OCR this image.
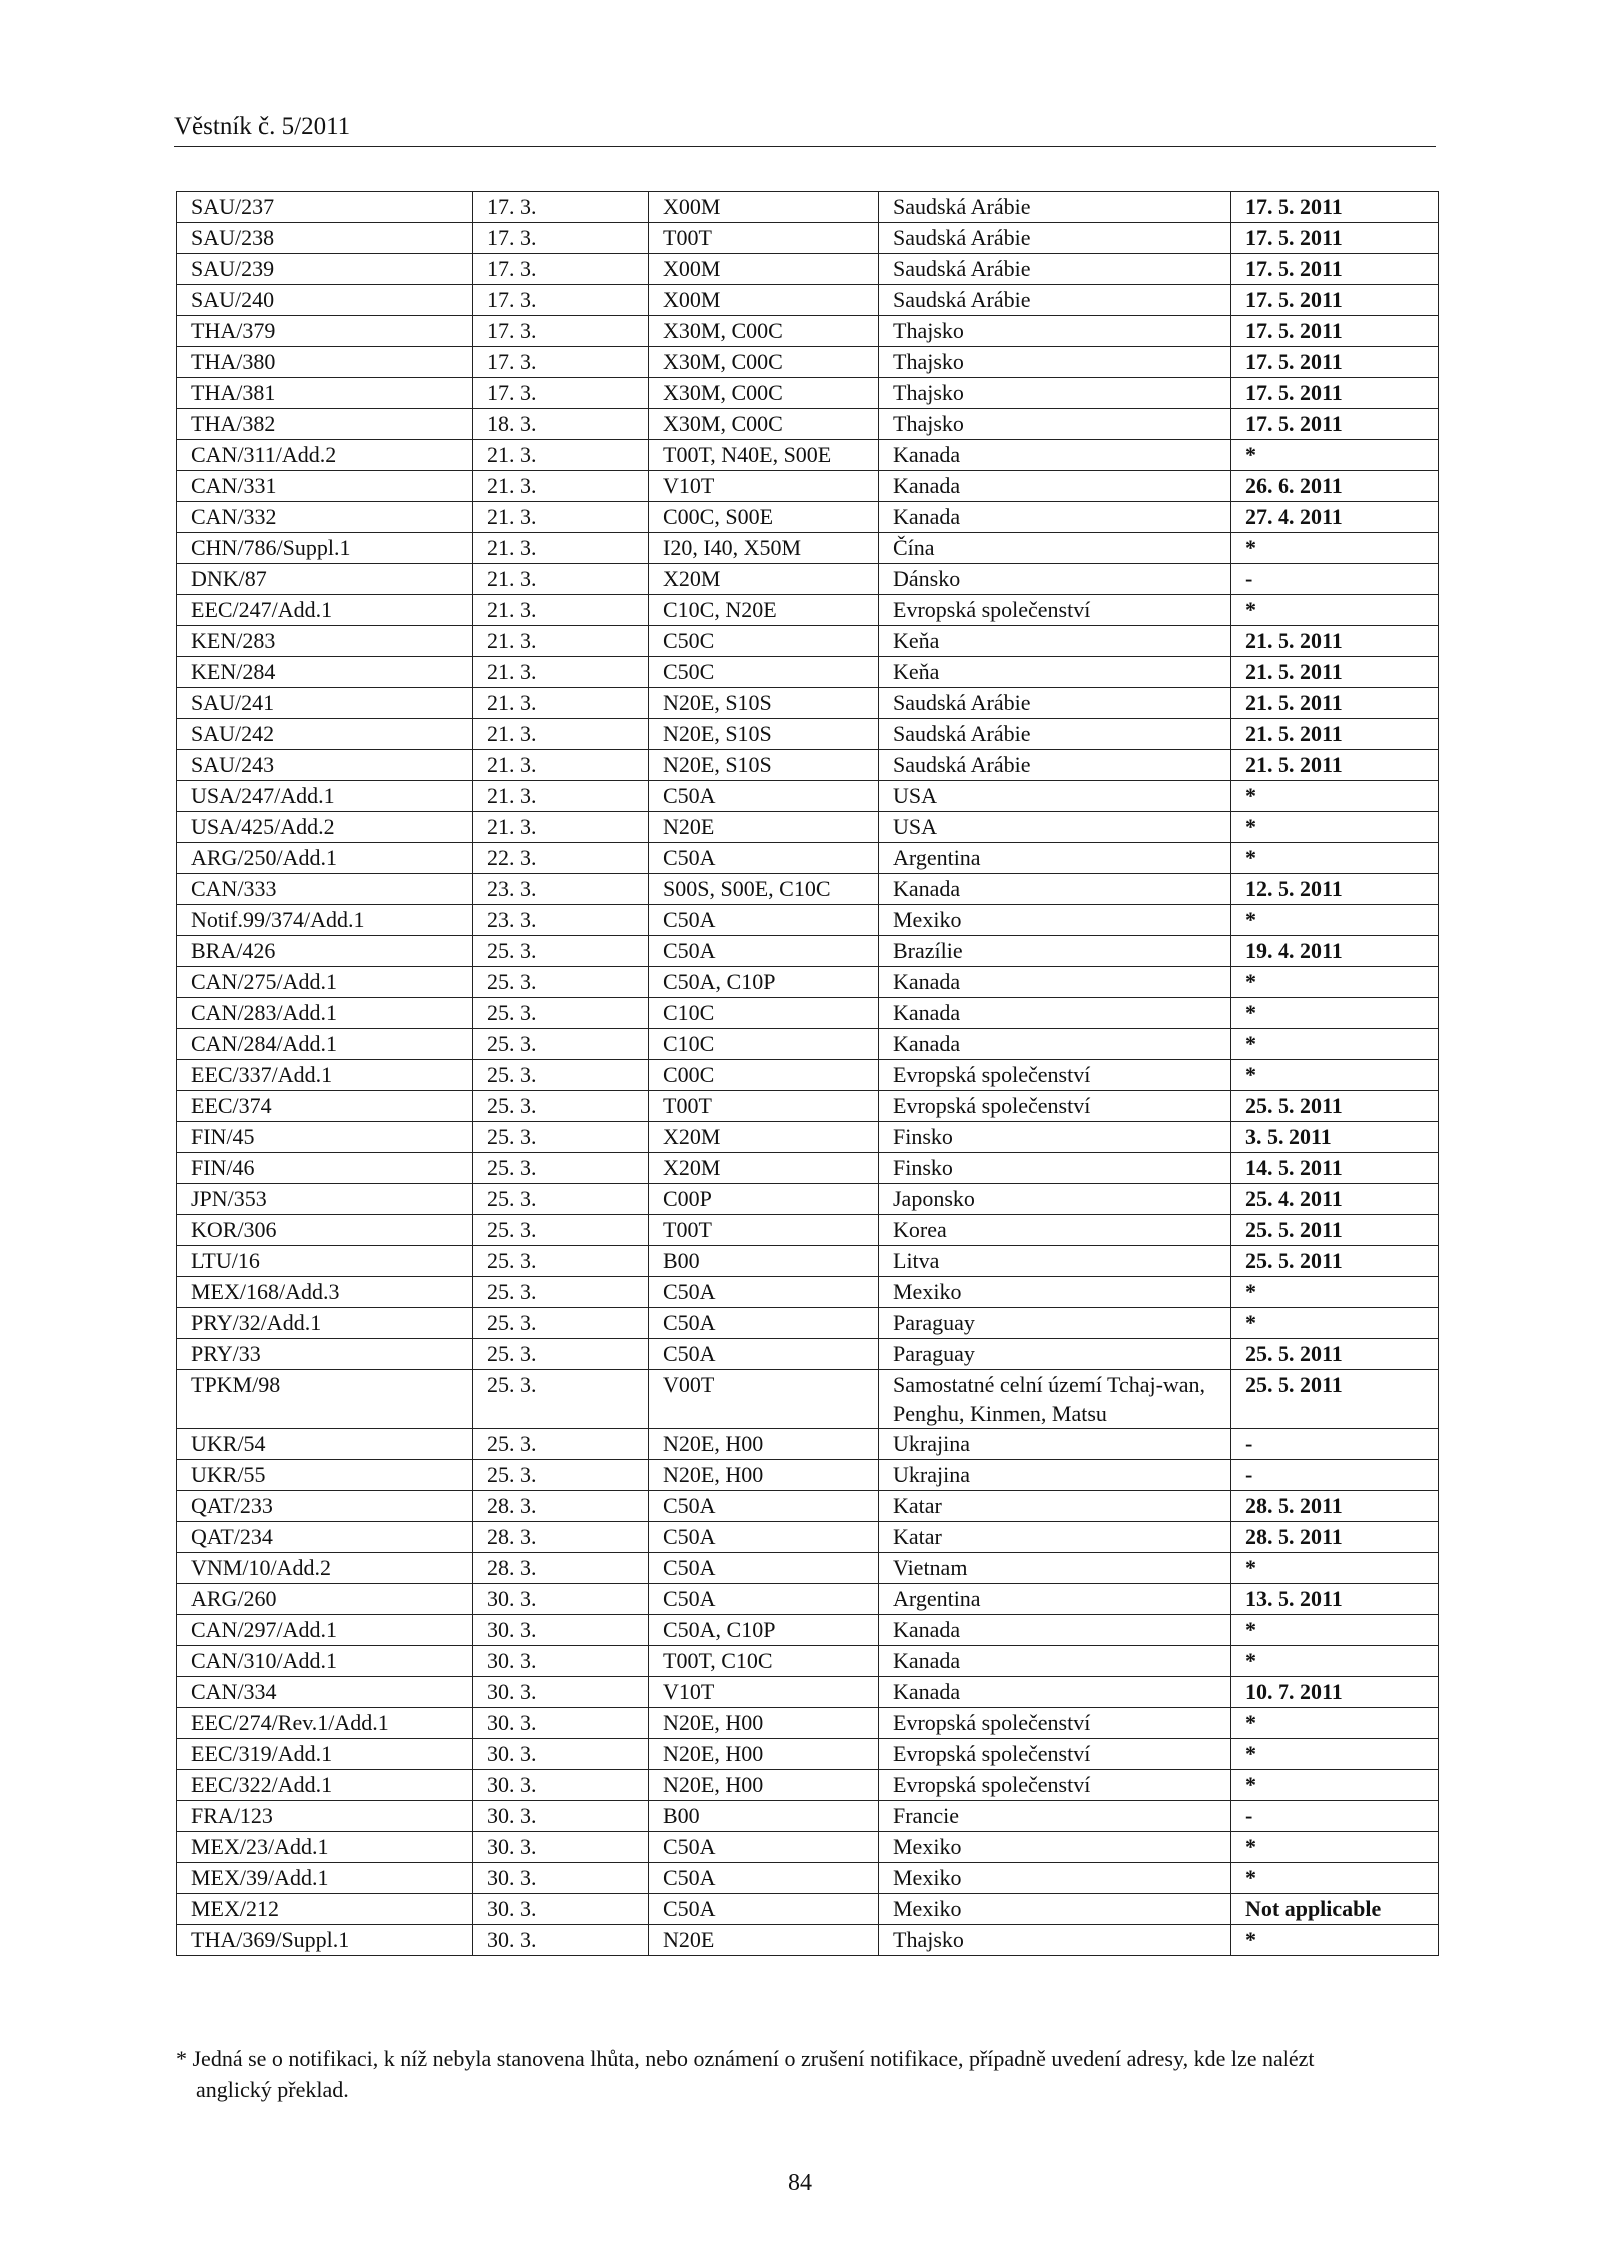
Věstník č. 5/2011
SAU/237	17. 3.	X00M	Saudská Arábie	17. 5. 2011
SAU/238	17. 3.	T00T	Saudská Arábie	17. 5. 2011
SAU/239	17. 3.	X00M	Saudská Arábie	17. 5. 2011
SAU/240	17. 3.	X00M	Saudská Arábie	17. 5. 2011
THA/379	17. 3.	X30M, C00C	Thajsko	17. 5. 2011
THA/380	17. 3.	X30M, C00C	Thajsko	17. 5. 2011
THA/381	17. 3.	X30M, C00C	Thajsko	17. 5. 2011
THA/382	18. 3.	X30M, C00C	Thajsko	17. 5. 2011
CAN/311/Add.2	21. 3.	T00T, N40E, S00E	Kanada	*
CAN/331	21. 3.	V10T	Kanada	26. 6. 2011
CAN/332	21. 3.	C00C, S00E	Kanada	27. 4. 2011
CHN/786/Suppl.1	21. 3.	I20, I40, X50M	Čína	*
DNK/87	21. 3.	X20M	Dánsko	-
EEC/247/Add.1	21. 3.	C10C, N20E	Evropská společenství	*
KEN/283	21. 3.	C50C	Keňa	21. 5. 2011
KEN/284	21. 3.	C50C	Keňa	21. 5. 2011
SAU/241	21. 3.	N20E, S10S	Saudská Arábie	21. 5. 2011
SAU/242	21. 3.	N20E, S10S	Saudská Arábie	21. 5. 2011
SAU/243	21. 3.	N20E, S10S	Saudská Arábie	21. 5. 2011
USA/247/Add.1	21. 3.	C50A	USA	*
USA/425/Add.2	21. 3.	N20E	USA	*
ARG/250/Add.1	22. 3.	C50A	Argentina	*
CAN/333	23. 3.	S00S, S00E, C10C	Kanada	12. 5. 2011
Notif.99/374/Add.1	23. 3.	C50A	Mexiko	*
BRA/426	25. 3.	C50A	Brazílie	19. 4. 2011
CAN/275/Add.1	25. 3.	C50A, C10P	Kanada	*
CAN/283/Add.1	25. 3.	C10C	Kanada	*
CAN/284/Add.1	25. 3.	C10C	Kanada	*
EEC/337/Add.1	25. 3.	C00C	Evropská společenství	*
EEC/374	25. 3.	T00T	Evropská společenství	25. 5. 2011
FIN/45	25. 3.	X20M	Finsko	3. 5. 2011
FIN/46	25. 3.	X20M	Finsko	14. 5. 2011
JPN/353	25. 3.	C00P	Japonsko	25. 4. 2011
KOR/306	25. 3.	T00T	Korea	25. 5. 2011
LTU/16	25. 3.	B00	Litva	25. 5. 2011
MEX/168/Add.3	25. 3.	C50A	Mexiko	*
PRY/32/Add.1	25. 3.	C50A	Paraguay	*
PRY/33	25. 3.	C50A	Paraguay	25. 5. 2011
TPKM/98	25. 3.	V00T	Samostatné celní území Tchaj-wan, Penghu, Kinmen, Matsu	25. 5. 2011
UKR/54	25. 3.	N20E, H00	Ukrajina	-
UKR/55	25. 3.	N20E, H00	Ukrajina	-
QAT/233	28. 3.	C50A	Katar	28. 5. 2011
QAT/234	28. 3.	C50A	Katar	28. 5. 2011
VNM/10/Add.2	28. 3.	C50A	Vietnam	*
ARG/260	30. 3.	C50A	Argentina	13. 5. 2011
CAN/297/Add.1	30. 3.	C50A, C10P	Kanada	*
CAN/310/Add.1	30. 3.	T00T, C10C	Kanada	*
CAN/334	30. 3.	V10T	Kanada	10. 7. 2011
EEC/274/Rev.1/Add.1	30. 3.	N20E, H00	Evropská společenství	*
EEC/319/Add.1	30. 3.	N20E, H00	Evropská společenství	*
EEC/322/Add.1	30. 3.	N20E, H00	Evropská společenství	*
FRA/123	30. 3.	B00	Francie	-
MEX/23/Add.1	30. 3.	C50A	Mexiko	*
MEX/39/Add.1	30. 3.	C50A	Mexiko	*
MEX/212	30. 3.	C50A	Mexiko	Not applicable
THA/369/Suppl.1	30. 3.	N20E	Thajsko	*
* Jedná se o notifikaci, k níž nebyla stanovena lhůta, nebo oznámení o zrušení notifikace, případně uvedení adresy, kde lze nalézt
anglický překlad.
84
